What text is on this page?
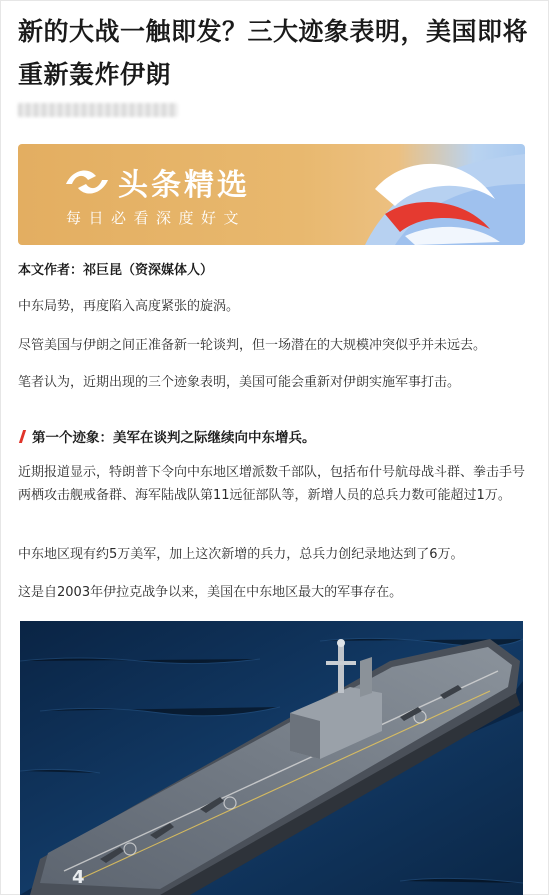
新的大战一触即发？三大迹象表明，美国即将重新轰炸伊朗
头条精选
每日必看深度好文
本文作者：祁巨昆（资深媒体人）
中东局势，再度陷入高度紧张的旋涡。
尽管美国与伊朗之间正准备新一轮谈判，但一场潜在的大规模冲突似乎并未远去。
笔者认为，近期出现的三个迹象表明，美国可能会重新对伊朗实施军事打击。
第一个迹象：美军在谈判之际继续向中东增兵。
近期报道显示，特朗普下令向中东地区增派数千部队，包括布什号航母战斗群、拳击手号两栖攻击舰戒备群、海军陆战队第11远征部队等，新增人员的总兵力数可能超过1万。
中东地区现有约5万美军，加上这次新增的兵力，总兵力创纪录地达到了6万。
这是自2003年伊拉克战争以来，美国在中东地区最大的军事存在。
4
